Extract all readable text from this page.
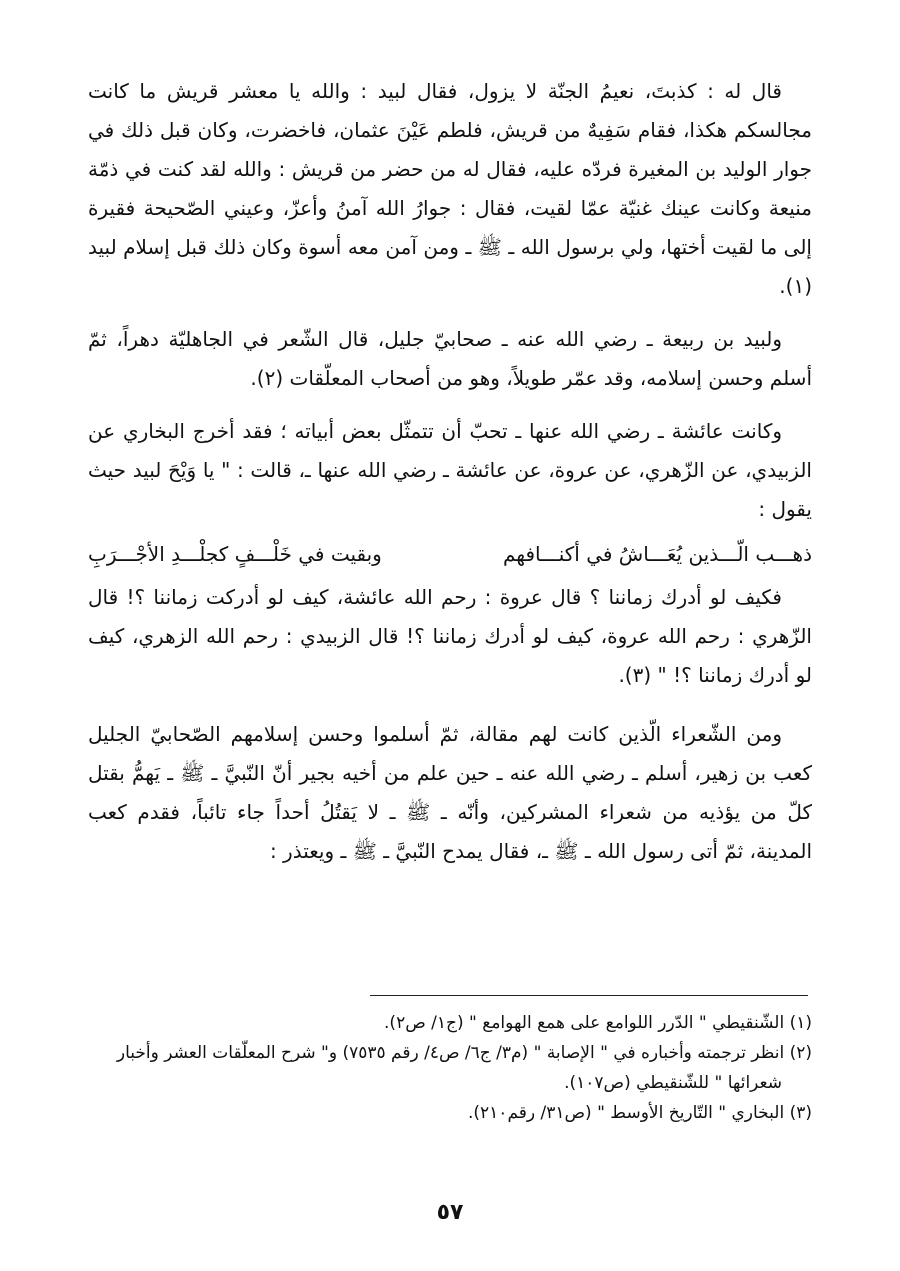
قال له : كذبتَ، نعيمُ الجنّة لا يزول، فقال لبيد : والله يا معشر قريش ما كانت مجالسكم هكذا، فقام سَفِيهٌ من قريش، فلطم عَيْنَ عثمان، فاخضرت، وكان قبل ذلك في جوار الوليد بن المغيرة فردّه عليه، فقال له من حضر من قريش : والله لقد كنت في ذمّة منيعة وكانت عينك غنيّة عمّا لقيت، فقال : جوارُ الله آمنُ وأعزّ، وعيني الصّحيحة فقيرة إلى ما لقيت أختها، ولي برسول الله ـ ﷺ ـ ومن آمن معه أسوة وكان ذلك قبل إسلام لبيد (١).

ولبيد بن ربيعة ـ رضي الله عنه ـ صحابيّ جليل، قال الشّعر في الجاهليّة دهراً، ثمّ أسلم وحسن إسلامه، وقد عمّر طويلاً، وهو من أصحاب المعلّقات (٢).

وكانت عائشة ـ رضي الله عنها ـ تحبّ أن تتمثّل بعض أبياته ؛ فقد أخرج البخاري عن الزبيدي، عن الزّهري، عن عروة، عن عائشة ـ رضي الله عنها ـ، قالت : " يا وَيْحَ لبيد حيث يقول :

ذهـــب الّـــذين يُعَـــاشُ في أكنـــافهم
وبقيت في خَلْـــفٍ كجلْـــدِ الأجْـــرَبِ

فكيف لو أدرك زماننا ؟ قال عروة : رحم الله عائشة، كيف لو أدركت زماننا ؟! قال الزّهري : رحم الله عروة، كيف لو أدرك زماننا ؟! قال الزبيدي : رحم الله الزهري، كيف لو أدرك زماننا ؟! " (٣).

ومن الشّعراء الّذين كانت لهم مقالة، ثمّ أسلموا وحسن إسلامهم الصّحابيّ الجليل كعب بن زهير، أسلم ـ رضي الله عنه ـ حين علم من أخيه بجير أنّ النّبيَّ ـ ﷺ ـ يَهمُّ بقتل كلّ من يؤذيه من شعراء المشركين، وأنّه ـ ﷺ ـ لا يَقتُلُ أحداً جاء تائباً، فقدم كعب المدينة، ثمّ أتى رسول الله ـ ﷺ ـ، فقال يمدح النّبيَّ ـ ﷺ ـ ويعتذر :

(١) الشّنقيطي " الدّرر اللوامع على همع الهوامع " (ج١/ ص٢).

(٢) انظر ترجمته وأخباره في " الإصابة " (م٣/ ج٦/ ص٤/ رقم ٧٥٣٥) و" شرح المعلّقات العشر وأخبار

شعرائها " للشّنقيطي (ص١٠٧).

(٣) البخاري " التّاريخ الأوسط " (ص٣١/ رقم٢١٠).

٥٧
